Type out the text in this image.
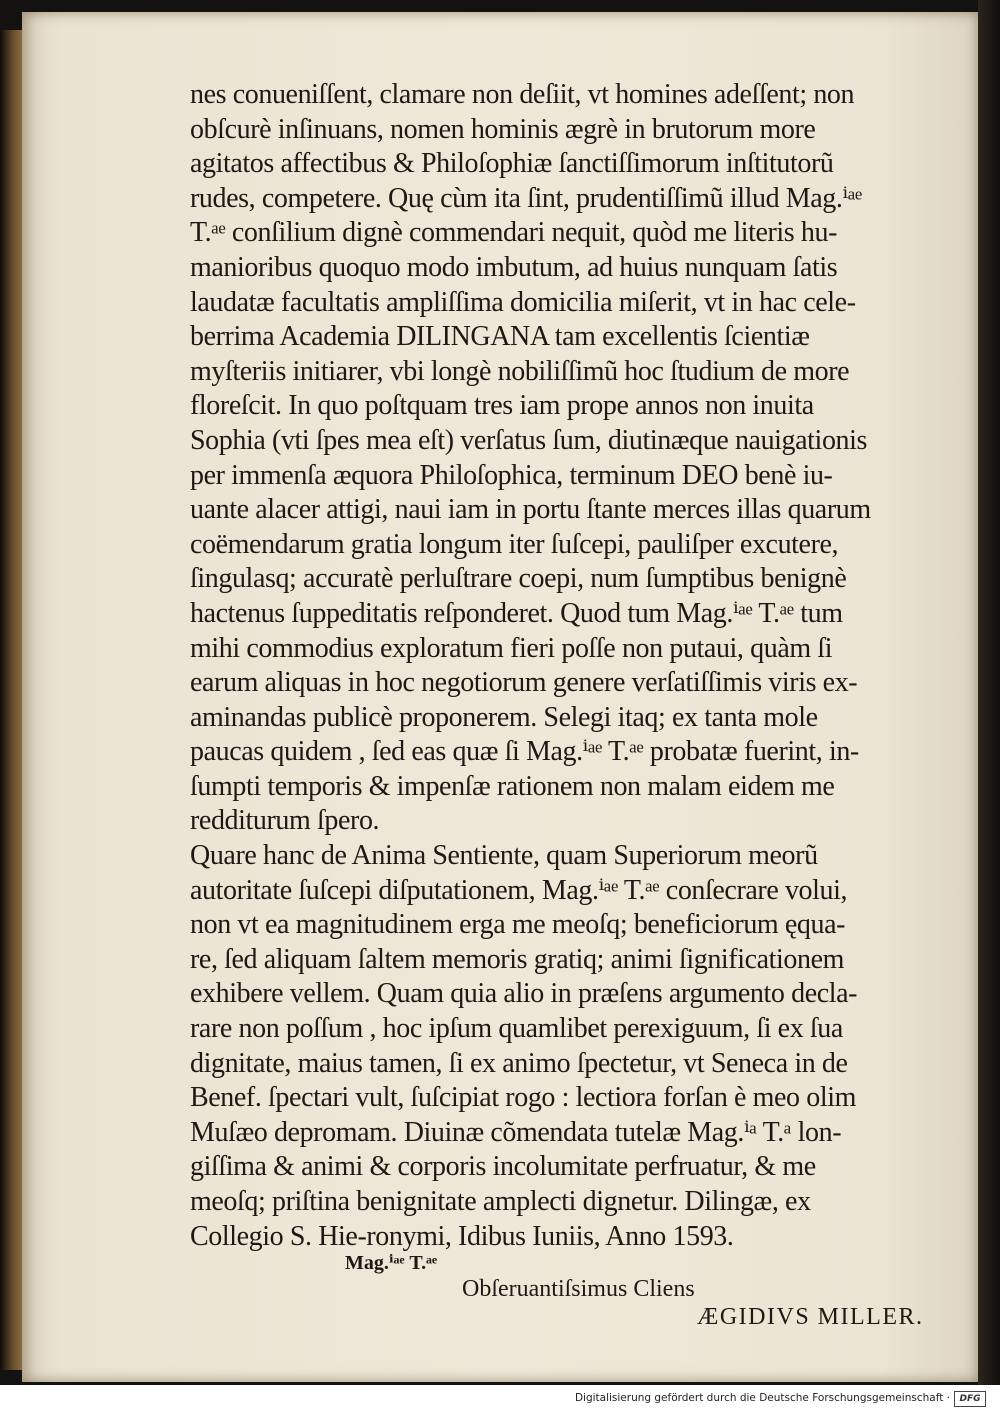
nes conueniſſent, clamare non deſiit, vt homines adeſſent; non
obſcurè inſinuans, nomen hominis ægrè in brutorum more
agitatos affectibus & Philoſophiæ ſanctiſſimorum inſtitutorũ
rudes, competere. Quę cùm ita ſint, prudentiſſimũ illud Mag.ⁱᵃᵉ
T.ᵃᵉ conſilium dignè commendari nequit, quòd me literis hu-
manioribus quoquo modo imbutum, ad huius nunquam ſatis
laudatæ facultatis ampliſſima domicilia miſerit, vt in hac cele-
berrima Academia DILINGANA tam excellentis ſcientiæ
myſteriis initiarer, vbi longè nobiliſſimũ hoc ſtudium de more
floreſcit. In quo poſtquam tres iam prope annos non inuita
Sophia (vti ſpes mea eſt) verſatus ſum, diutinæque nauigationis
per immenſa æquora Philoſophica, terminum DEO benè iu-
uante alacer attigi, naui iam in portu ſtante merces illas quarum
coëmendarum gratia longum iter ſuſcepi, pauliſper excutere,
ſingulasq; accuratè perluſtrare coepi, num ſumptibus benignè
hactenus ſuppeditatis reſponderet. Quod tum Mag.ⁱᵃᵉ T.ᵃᵉ tum
mihi commodius exploratum fieri poſſe non putaui, quàm ſi
earum aliquas in hoc negotiorum genere verſatiſſimis viris ex-
aminandas publicè proponerem. Selegi itaq; ex tanta mole
paucas quidem , ſed eas quæ ſi Mag.ⁱᵃᵉ T.ᵃᵉ probatæ fuerint, in-
ſumpti temporis & impenſæ rationem non malam eidem me
redditurum ſpero.
Quare hanc de Anima Sentiente, quam Superiorum meorũ
autoritate ſuſcepi diſputationem, Mag.ⁱᵃᵉ T.ᵃᵉ conſecrare volui,
non vt ea magnitudinem erga me meoſq; beneficiorum ęqua-
re, ſed aliquam ſaltem memoris gratiq; animi ſignificationem
exhibere vellem. Quam quia alio in præſens argumento decla-
rare non poſſum , hoc ipſum quamlibet perexiguum, ſi ex ſua
dignitate, maius tamen, ſi ex animo ſpectetur, vt Seneca in de
Benef. ſpectari vult, ſuſcipiat rogo : lectiora forſan è meo olim
Muſæo depromam. Diuinæ cõmendata tutelæ Mag.ⁱᵃ T.ᵃ lon-
giſſima & animi & corporis incolumitate perfruatur, & me
meoſq; priſtina benignitate amplecti dignetur. Dilingæ, ex
Collegio S. Hie-ronymi, Idibus Iuniis, Anno 1593.
Mag.ⁱᵃᵉ T.ᵃᵉ
Obſeruantiſsimus Cliens
ÆGIDIVS MILLER.
Digitalisierung gefördert durch die Deutsche Forschungsgemeinschaft ·	DFG
